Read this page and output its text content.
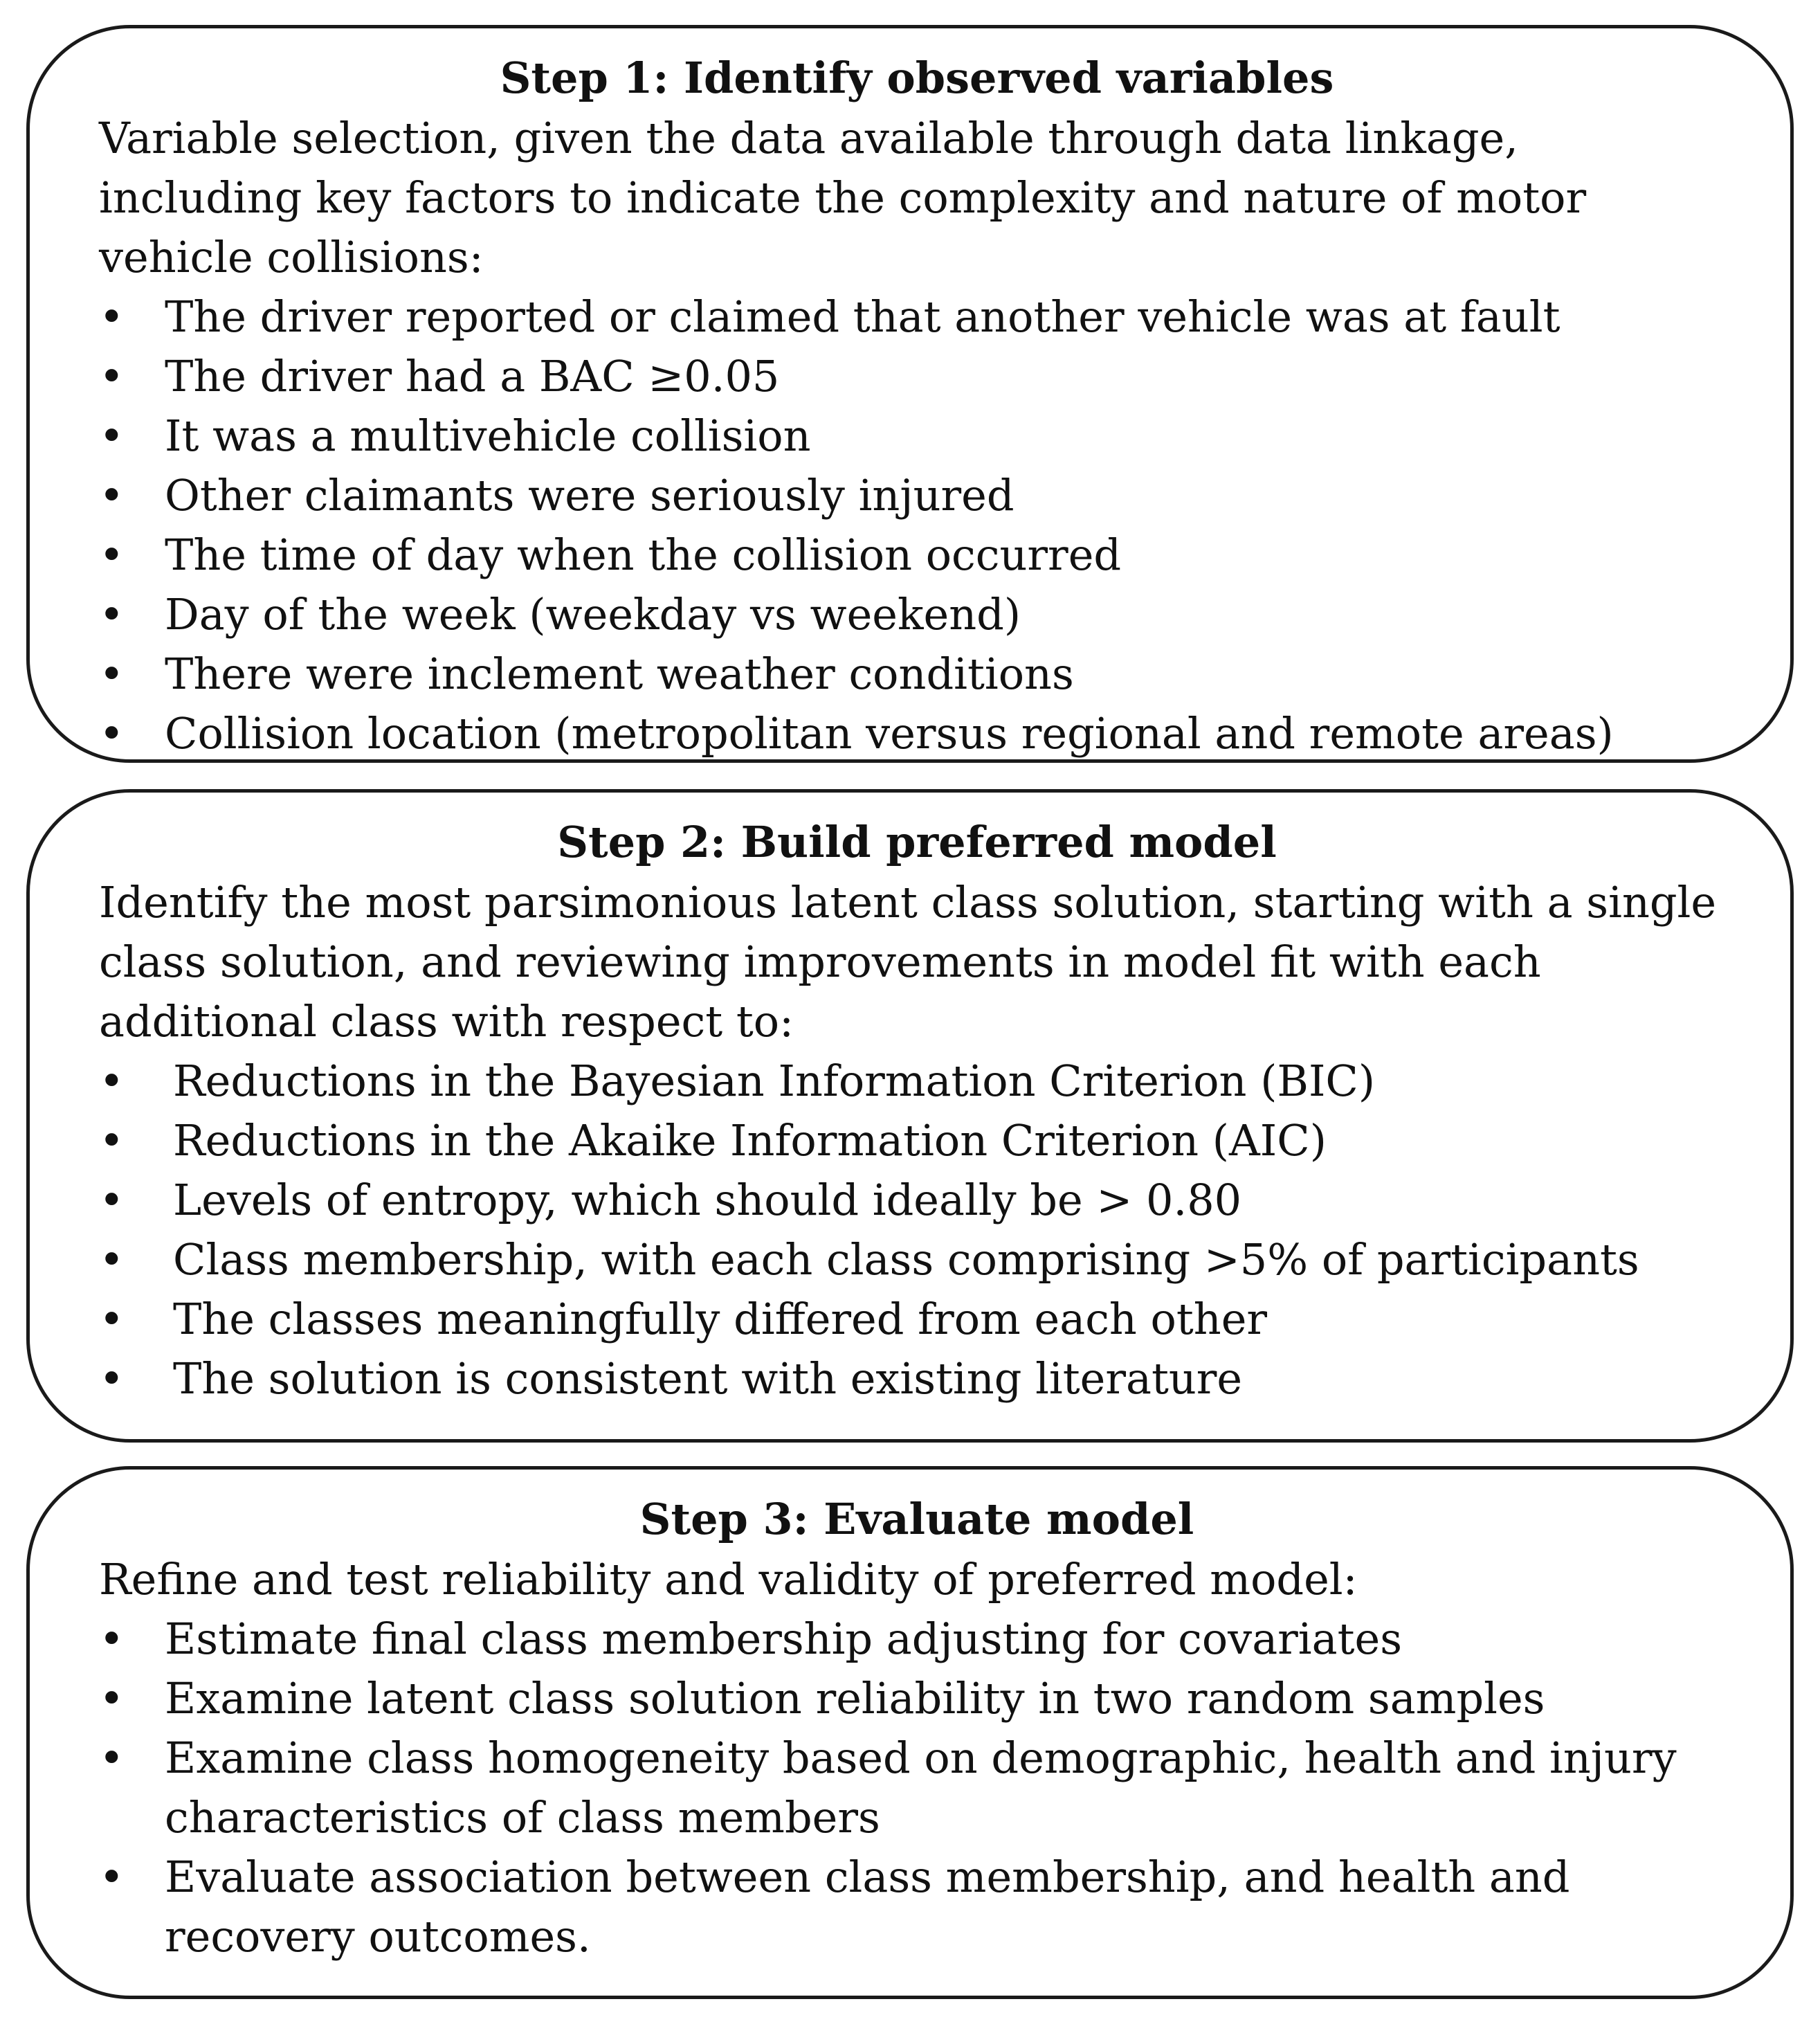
Step 1: Identify observed variables

Variable selection, given the data available through data linkage, including key factors to indicate the complexity and nature of motor vehicle collisions:

• The driver reported or claimed that another vehicle was at fault
• The driver had a BAC ≥0.05
• It was a multivehicle collision
• Other claimants were seriously injured
• The time of day when the collision occurred
• Day of the week (weekday vs weekend)
• There were inclement weather conditions
• Collision location (metropolitan versus regional and remote areas)
Step 2: Build preferred model

Identify the most parsimonious latent class solution, starting with a single class solution, and reviewing improvements in model fit with each additional class with respect to:

• Reductions in the Bayesian Information Criterion (BIC)
• Reductions in the Akaike Information Criterion (AIC)
• Levels of entropy, which should ideally be > 0.80
• Class membership, with each class comprising >5% of participants
• The classes meaningfully differed from each other
• The solution is consistent with existing literature
Step 3: Evaluate model

Refine and test reliability and validity of preferred model:

• Estimate final class membership adjusting for covariates
• Examine latent class solution reliability in two random samples
• Examine class homogeneity based on demographic, health and injury characteristics of class members
• Evaluate association between class membership, and health and recovery outcomes.
